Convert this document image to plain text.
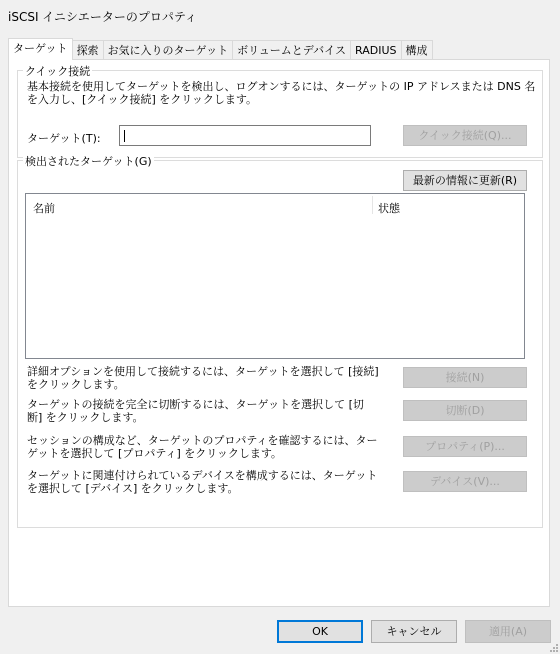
iSCSI イニシエーターのプロパティ
ターゲット 探索 お気に入りのターゲット ボリュームとデバイス RADIUS 構成
クイック接続
基本接続を使用してターゲットを検出し、ログオンするには、ターゲットの IP アドレスまたは DNS 名を入力し、[クイック接続] をクリックします。
ターゲット(T):	クイック接続(Q)...
検出されたターゲット(G)
最新の情報に更新(R)
名前	状態
詳細オプションを使用して接続するには、ターゲットを選択して [接続] をクリックします。
接続(N)
ターゲットの接続を完全に切断するには、ターゲットを選択して [切断] をクリックします。
切断(D)
セッションの構成など、ターゲットのプロパティを確認するには、ターゲットを選択して [プロパティ] をクリックします。
プロパティ(P)...
ターゲットに関連付けられているデバイスを構成するには、ターゲットを選択して [デバイス] をクリックします。
デバイス(V)...
OK	キャンセル	適用(A)
